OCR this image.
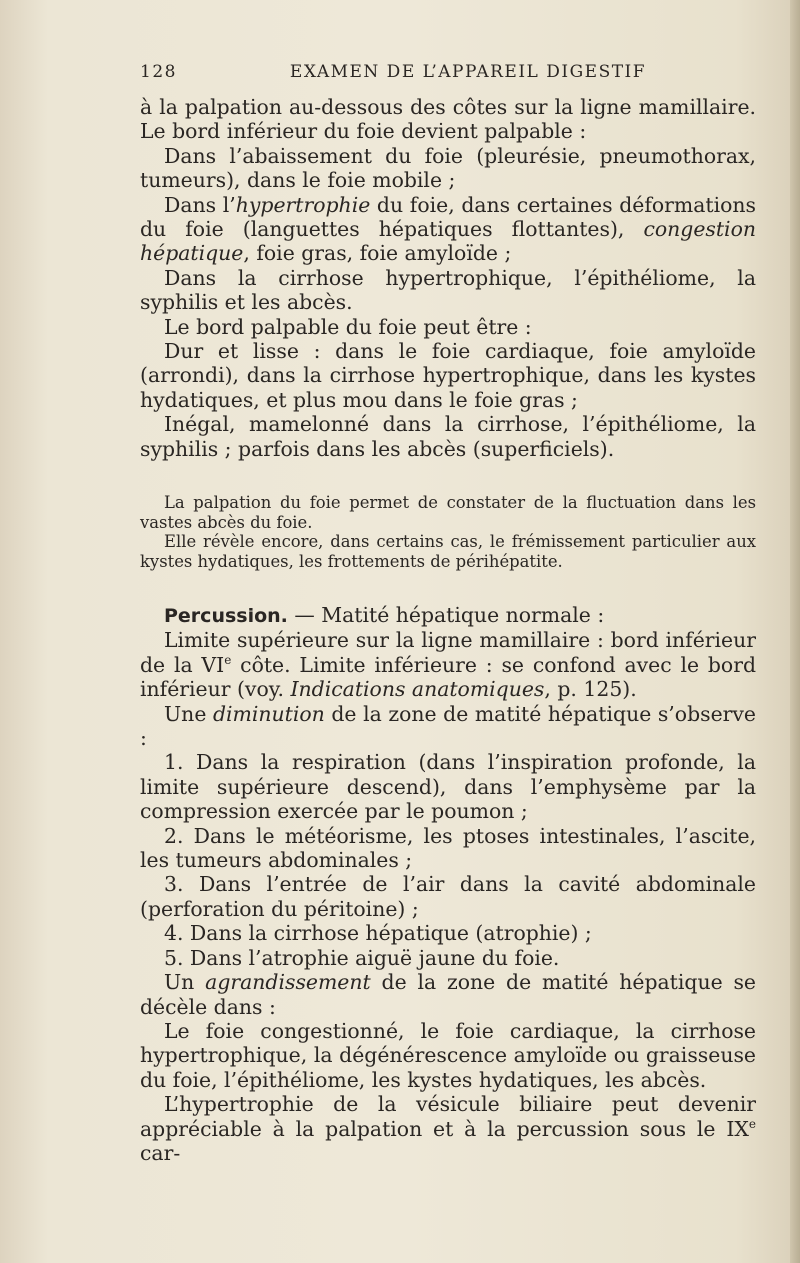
128	EXAMEN DE L’APPAREIL DIGESTIF

à la palpation au-dessous des côtes sur la ligne mamillaire. Le bord inférieur du foie devient palpable :

Dans l’abaissement du foie (pleurésie, pneumothorax, tumeurs), dans le foie mobile ;

Dans l’hypertrophie du foie, dans certaines déformations du foie (languettes hépatiques flottantes), congestion hépatique, foie gras, foie amyloïde ;

Dans la cirrhose hypertrophique, l’épithéliome, la syphilis et les abcès.

Le bord palpable du foie peut être :

Dur et lisse : dans le foie cardiaque, foie amyloïde (arrondi), dans la cirrhose hypertrophique, dans les kystes hydatiques, et plus mou dans le foie gras ;

Inégal, mamelonné dans la cirrhose, l’épithéliome, la syphilis ; parfois dans les abcès (superficiels).

La palpation du foie permet de constater de la fluctuation dans les vastes abcès du foie.

Elle révèle encore, dans certains cas, le frémissement particulier aux kystes hydatiques, les frottements de périhépatite.

Percussion. — Matité hépatique normale :

Limite supérieure sur la ligne mamillaire : bord inférieur de la VIe côte. Limite inférieure : se confond avec le bord inférieur (voy. Indications anatomiques, p. 125).

Une diminution de la zone de matité hépatique s’observe :

1. Dans la respiration (dans l’inspiration profonde, la limite supérieure descend), dans l’emphysème par la compression exercée par le poumon ;

2. Dans le météorisme, les ptoses intestinales, l’ascite, les tumeurs abdominales ;

3. Dans l’entrée de l’air dans la cavité abdominale (perforation du péritoine) ;

4. Dans la cirrhose hépatique (atrophie) ;

5. Dans l’atrophie aiguë jaune du foie.

Un agrandissement de la zone de matité hépatique se décèle dans :

Le foie congestionné, le foie cardiaque, la cirrhose hypertrophique, la dégénérescence amyloïde ou graisseuse du foie, l’épithéliome, les kystes hydatiques, les abcès.

L’hypertrophie de la vésicule biliaire peut devenir appréciable à la palpation et à la percussion sous le IXe car-
